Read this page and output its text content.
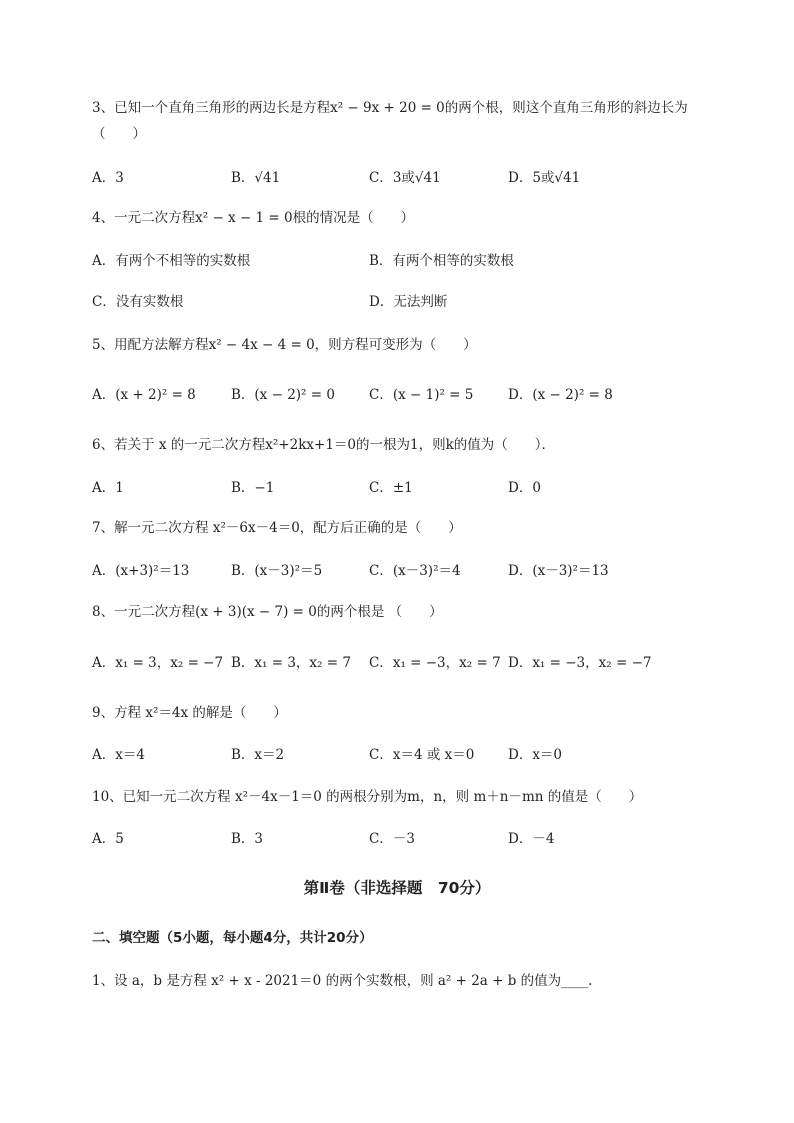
3、已知一个直角三角形的两边长是方程x² − 9x + 20 = 0的两个根，则这个直角三角形的斜边长为
（　　）
A．3	B．√41	C．3或√41	D．5或√41
4、一元二次方程x² − x − 1 = 0根的情况是（　　）
A．有两个不相等的实数根	B．有两个相等的实数根
C．没有实数根	D．无法判断
5、用配方法解方程x² − 4x − 4 = 0，则方程可变形为（　　）
A．(x + 2)² = 8	B．(x − 2)² = 0	C．(x − 1)² = 5	D．(x − 2)² = 8
6、若关于 x 的一元二次方程x²+2kx+1＝0的一根为1，则k的值为（　　）．
A．1	B．−1	C．±1	D．0
7、解一元二次方程 x²－6x－4＝0，配方后正确的是（　　）
A．(x+3)²＝13	B．(x－3)²＝5	C．(x－3)²＝4	D．(x－3)²＝13
8、一元二次方程(x + 3)(x − 7) = 0的两个根是 （　　）
A．x₁ = 3，x₂ = −7 B．x₁ = 3，x₂ = 7 C．x₁ = −3，x₂ = 7 D．x₁ = −3，x₂ = −7
9、方程 x²＝4x 的解是（　　）
A．x＝4	B．x＝2	C．x＝4 或 x＝0 D．x＝0
10、已知一元二次方程 x²－4x－1＝0 的两根分别为m，n，则 m＋n－mn 的值是（　　）
A．5	B．3	C．－3	D．－4
第Ⅱ卷（非选择题　70分）
二、填空题（5小题，每小题4分，共计20分）
1、设 a，b 是方程 x² + x - 2021＝0 的两个实数根，则 a² + 2a + b 的值为____.
